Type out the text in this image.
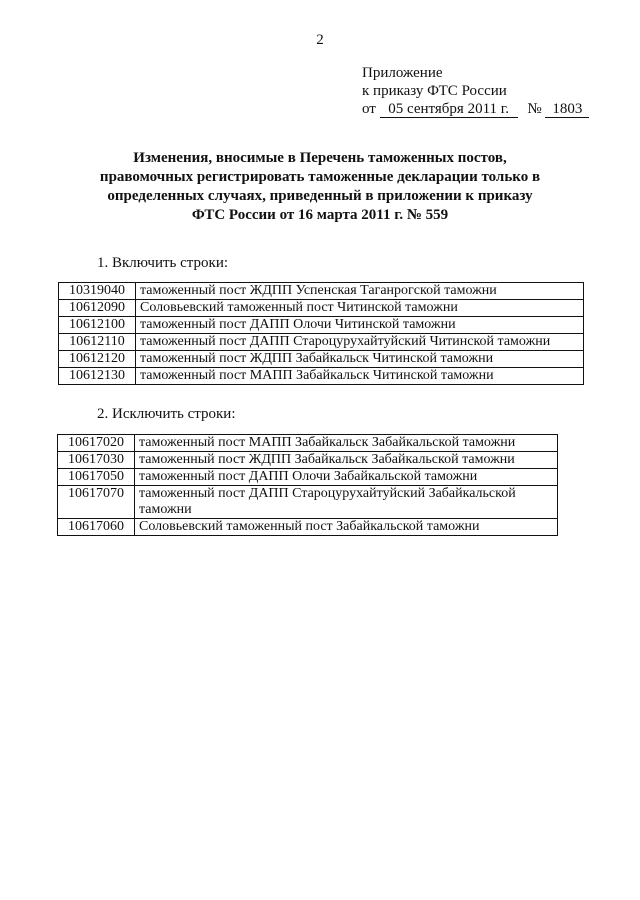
2
Приложение
к приказу ФТС России
от 05 сентября 2011 г. № 1803
Изменения, вносимые в Перечень таможенных постов,
правомочных регистрировать таможенные декларации только в
определенных случаях, приведенный в приложении к приказу
ФТС России от 16 марта 2011 г. № 559
1. Включить строки:
10319040	таможенный пост ЖДПП Успенская Таганрогской таможни
10612090	Соловьевский таможенный пост Читинской таможни
10612100	таможенный пост ДАПП Олочи Читинской таможни
10612110	таможенный пост ДАПП Староцурухайтуйский Читинской таможни
10612120	таможенный пост ЖДПП Забайкальск Читинской таможни
10612130	таможенный пост МАПП Забайкальск Читинской таможни
2. Исключить строки:
10617020	таможенный пост МАПП Забайкальск Забайкальской таможни
10617030	таможенный пост ЖДПП Забайкальск Забайкальской таможни
10617050	таможенный пост ДАПП Олочи Забайкальской таможни
10617070	таможенный пост ДАПП Староцурухайтуйский Забайкальской таможни
10617060	Соловьевский таможенный пост Забайкальской таможни
